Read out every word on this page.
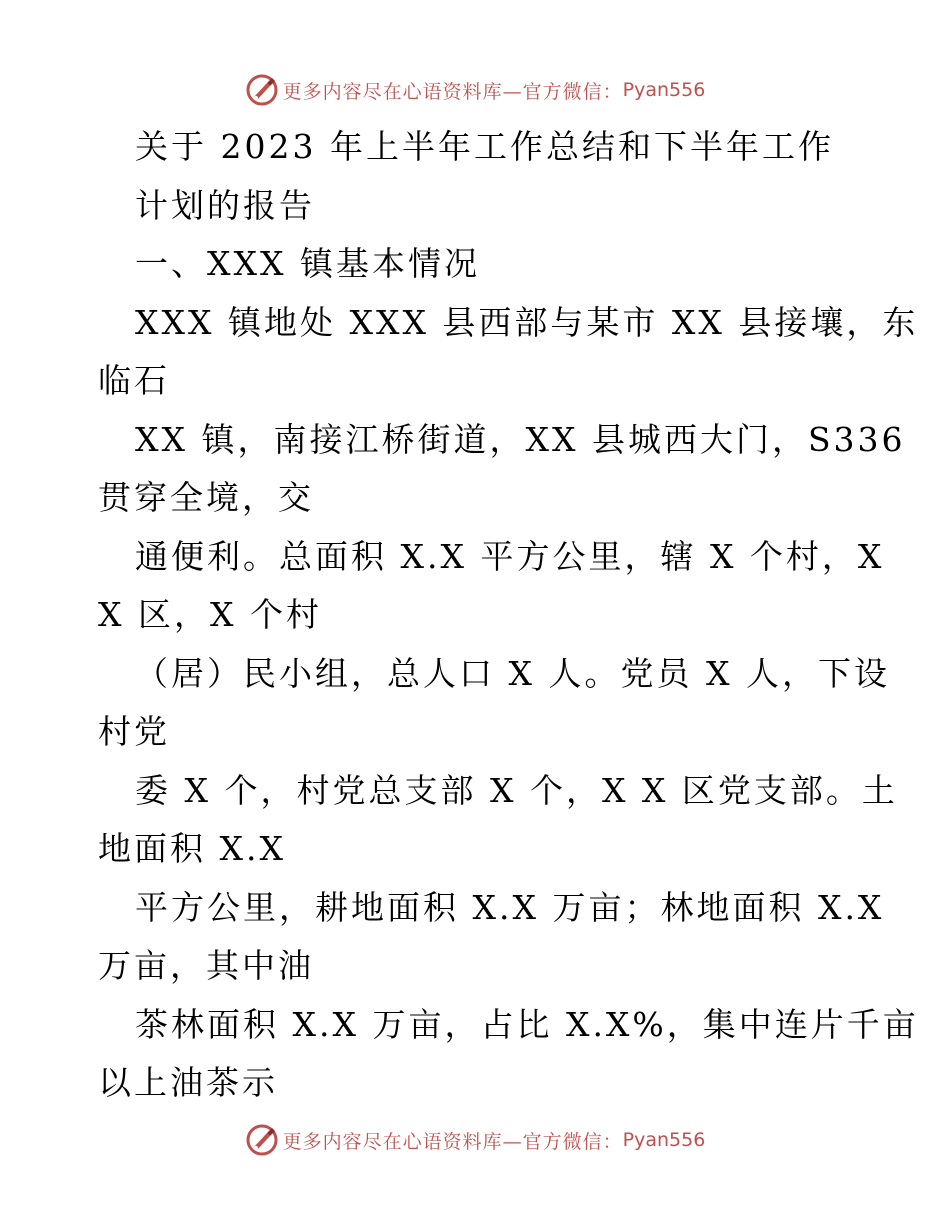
更多内容尽在心语资料库—官方微信： Pyan556
关于 2023 年上半年工作总结和下半年工作
计划的报告
一、XXX 镇基本情况
XXX 镇地处 XXX 县西部与某市 XX 县接壤，东
临石
XX 镇，南接江桥街道，XX 县城西大门，S336
贯穿全境，交
通便利。总面积 X.X 平方公里，辖 X 个村，X
X 区，X 个村
（居）民小组，总人口 X 人。党员 X 人，下设
村党
委 X 个，村党总支部 X 个，X X 区党支部。土
地面积 X.X
平方公里，耕地面积 X.X 万亩；林地面积 X.X
万亩，其中油
茶林面积 X.X 万亩，占比 X.X%，集中连片千亩
以上油茶示
更多内容尽在心语资料库—官方微信： Pyan556
